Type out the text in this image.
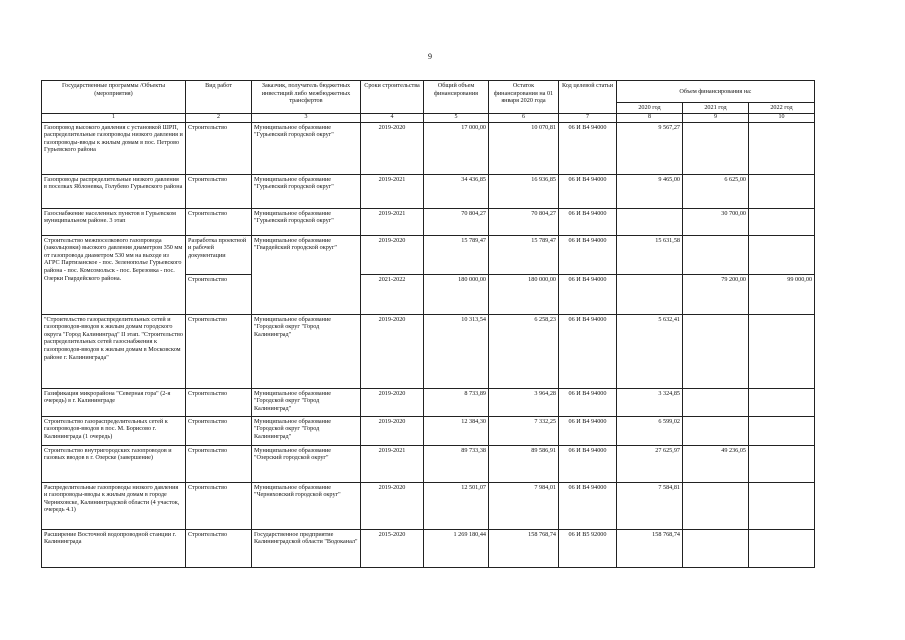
9
Государственные программы /Объекты (мероприятия)	Вид работ	Заказчик, получатель бюджетных инвестиций либо межбюджетных трансфертов	Сроки строительства	Общий объем финансирования	Остаток финансирования на 01 января 2020 года	Код целевой статьи	Объем финансирования на:		
							2020 год	2021 год	2022 год
1	2	3	4	5	6	7	8	9	10
Газопровод высокого давления с установкой ШРП, распределительные газопроводы низкого давления и газопроводы-вводы к жилым домам в пос. Петрово Гурьевского района	Строительство	Муниципальное образование "Гурьевский городской округ"	2019-2020	17 000,00	10 070,81	06 И В4 94000	9 567,27		
Газопроводы распределительные низкого давления в поселках Яблоневка, Голубево Гурьевского района	Строительство	Муниципальное образование "Гурьевский городской округ"	2019-2021	34 436,85	16 936,85	06 И В4 94000	9 465,00	6 625,00	
Газоснабжение населенных пунктов в Гурьевском муниципальном районе. 3 этап	Строительство	Муниципальное образование "Гурьевский городской округ"	2019-2021	70 804,27	70 804,27	06 И В4 94000		30 700,00	
Строительство межпоселкового газопровода (закольцовки) высокого давления диаметром 350 мм от газопровода диаметром 530 мм на выходе из АГРС Партизанское - пос. Зеленополье Гурьевского района - пос. Комсомольск - пос. Березовка - пос. Озерки Гвардейского района.	Разработка проектной и рабочей документации	Муниципальное образование "Гвардейский городской округ"	2019-2020	15 789,47	15 789,47	06 И В4 94000	15 631,58		
	Строительство		2021-2022	180 000,00	180 000,00	06 И В4 94000		79 200,00	99 000,00
"Строительство газораспределительных сетей и газопроводов-вводов к жилым домам городского округа "Город Калининград" II этап. "Строительство распределительных сетей газоснабжения к газопроводов-вводов к жилым домам в Московском районе г. Калининграда"	Строительство	Муниципальное образование "Городской округ "Город Калининград"	2019-2020	10 313,54	6 258,23	06 И В4 94000	5 632,41		
Газификация микрорайона "Северная гора" (2-я очередь) в г. Калининграде	Строительство	Муниципальное образование "Городской округ "Город Калининград"	2019-2020	8 733,89	3 964,28	06 И В4 94000	3 324,85		
Строительство газораспределительных сетей к газопроводов-вводов в пос. М. Борисово г. Калининграда (1 очередь)	Строительство	Муниципальное образование "Городской округ "Город Калининград"	2019-2020	12 384,30	7 332,25	06 И В4 94000	6 599,02		
Строительство внутригородских газопроводов и газовых вводов в г. Озерске (завершение)	Строительство	Муниципальное образование "Озерский городской округ"	2019-2021	89 733,38	89 586,91	06 И В4 94000	27 625,97	49 236,05	
Распределительные газопроводы низкого давления и газопроводы-вводы к жилым домам в городе Черняховске, Калининградской области (4 участок, очередь 4.1)	Строительство	Муниципальное образование "Черняховский городской округ"	2019-2020	12 501,07	7 984,01	06 И В4 94000	7 584,81		
Расширение Восточной водопроводной станции г. Калининграда	Строительство	Государственное предприятие Калининградской области "Водоканал"	2015-2020	1 269 180,44	158 768,74	06 И В5 92000	158 768,74		
